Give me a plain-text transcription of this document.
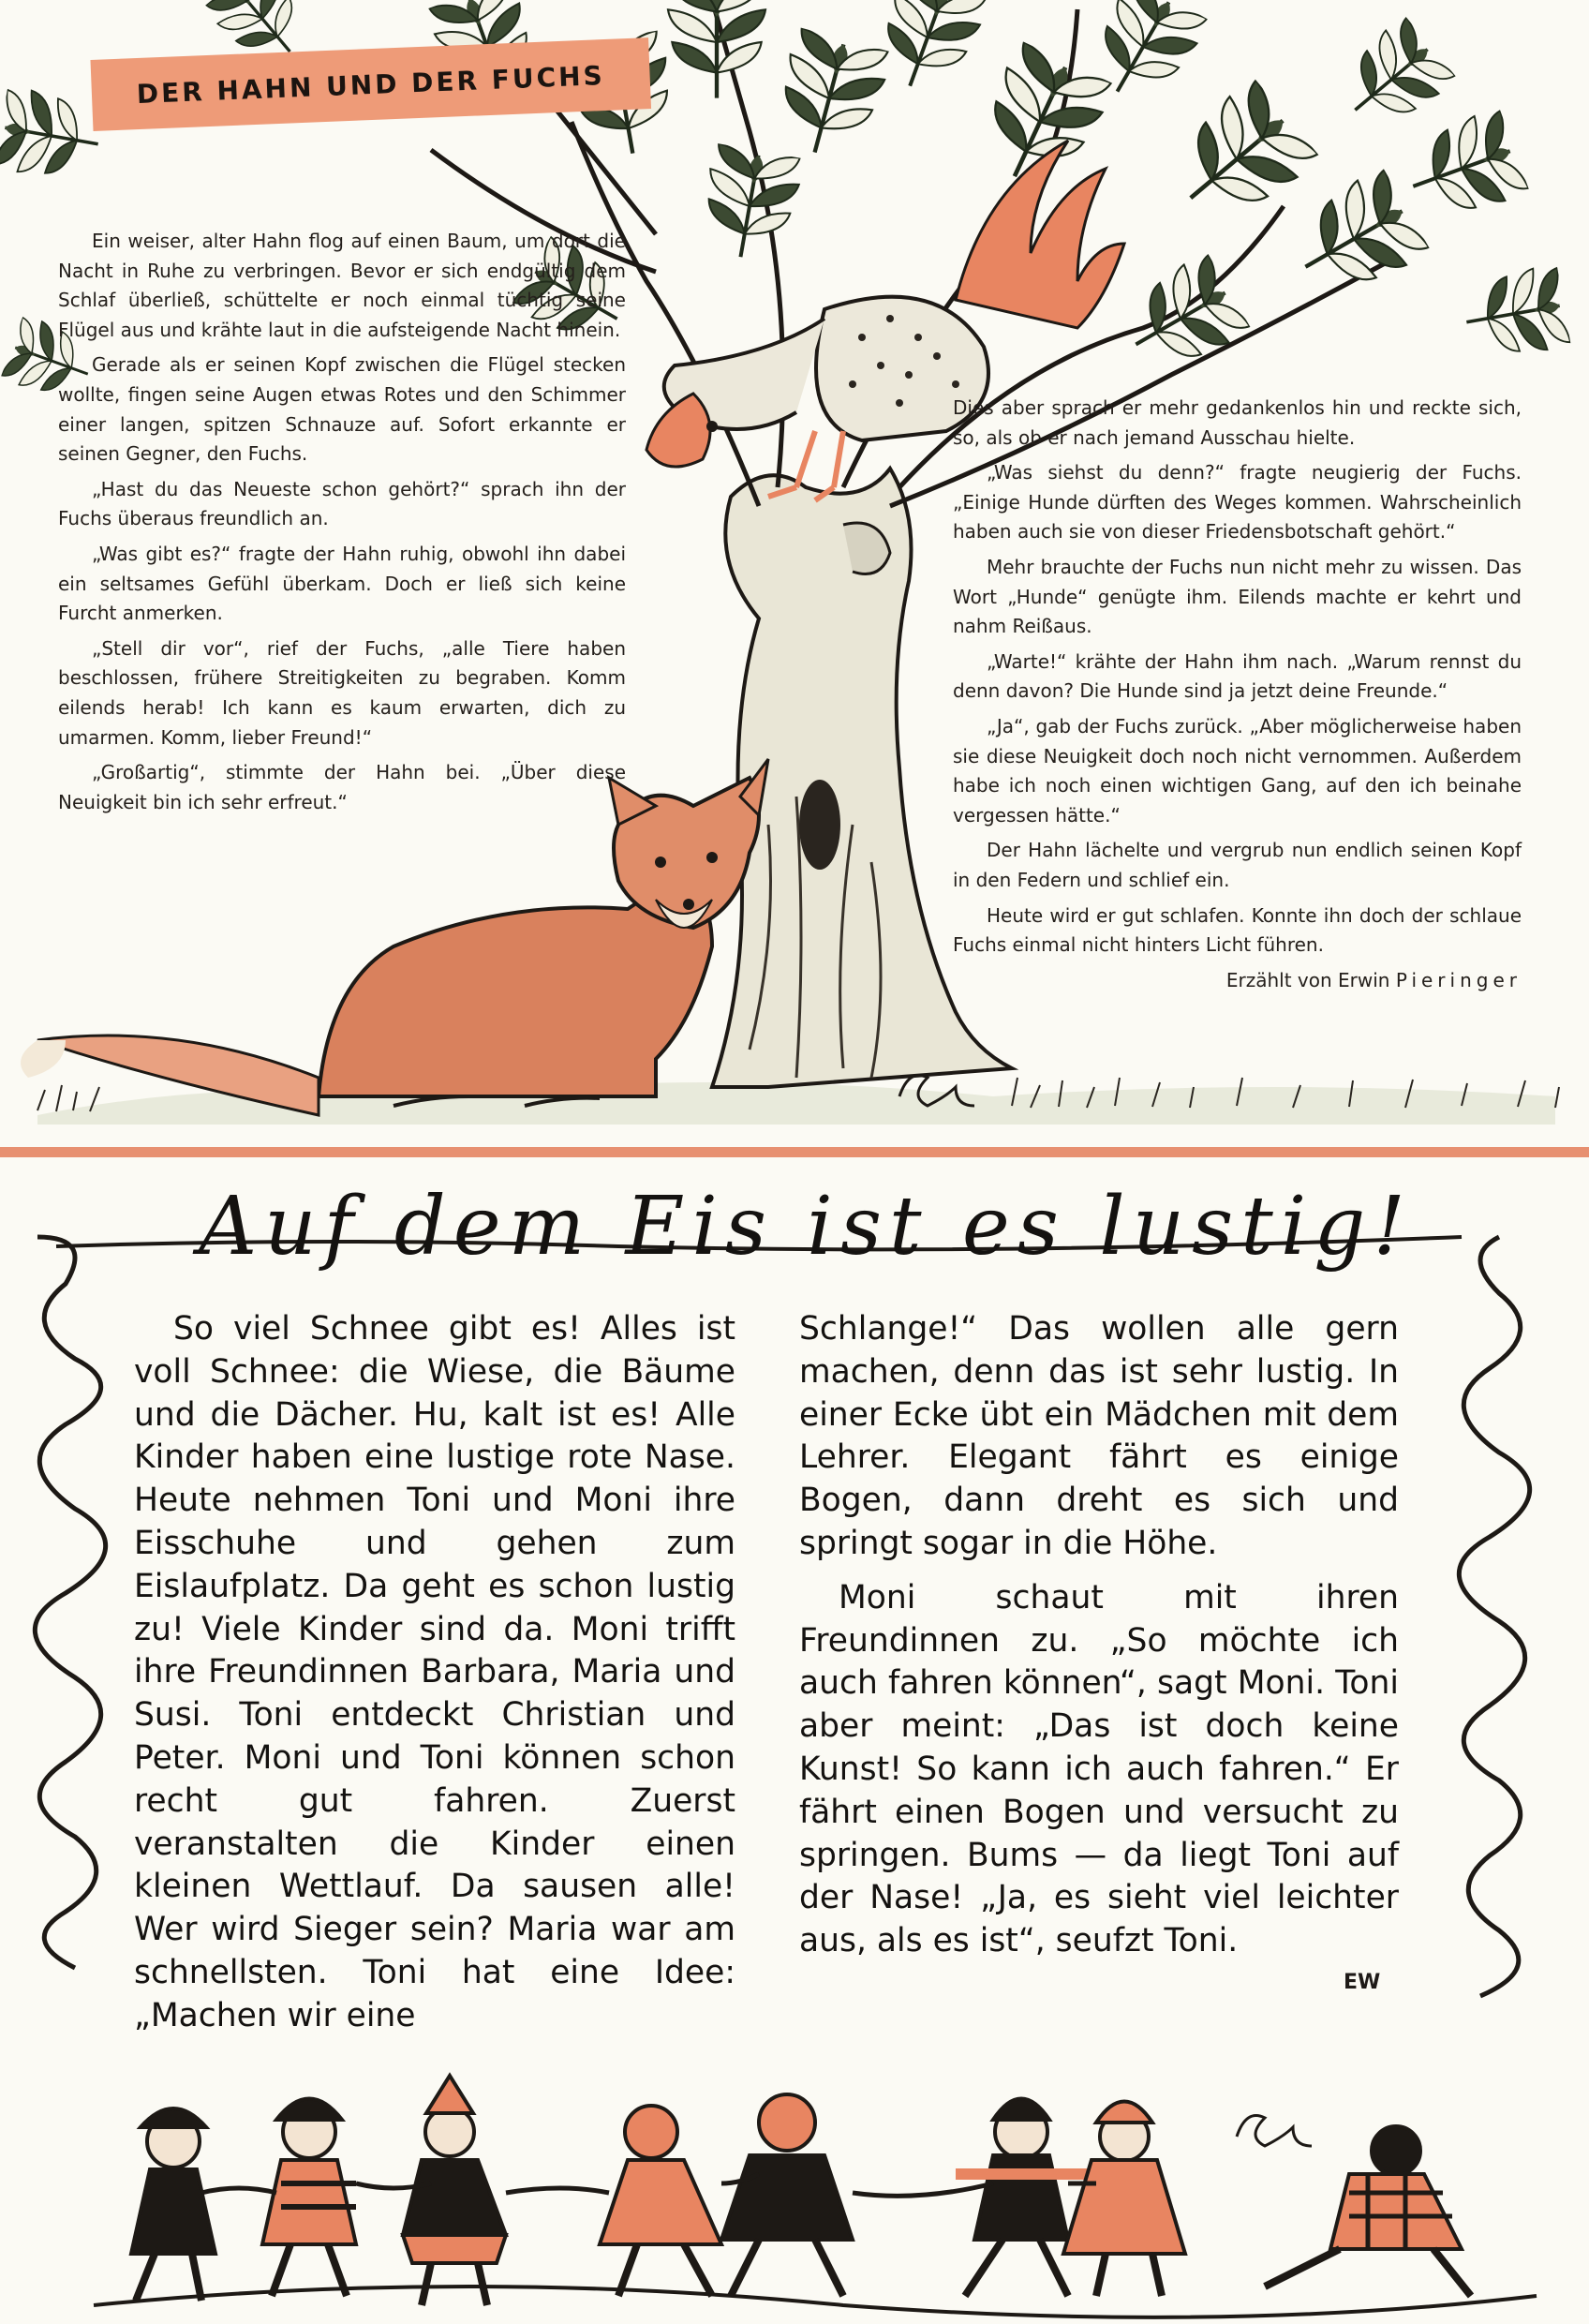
DER HAHN UND DER FUCHS

Ein weiser, alter Hahn flog auf einen Baum, um dort die Nacht in Ruhe zu verbringen. Bevor er sich endgültig dem Schlaf überließ, schüttelte er noch einmal tüchtig seine Flügel aus und krähte laut in die aufsteigende Nacht hinein.

Gerade als er seinen Kopf zwischen die Flügel stecken wollte, fingen seine Augen etwas Rotes und den Schimmer einer langen, spitzen Schnauze auf. Sofort erkannte er seinen Gegner, den Fuchs.

„Hast du das Neueste schon gehört?“ sprach ihn der Fuchs überaus freundlich an.

„Was gibt es?“ fragte der Hahn ruhig, obwohl ihn dabei ein seltsames Gefühl überkam. Doch er ließ sich keine Furcht anmerken.

„Stell dir vor“, rief der Fuchs, „alle Tiere haben beschlossen, frühere Streitigkeiten zu begraben. Komm eilends herab! Ich kann es kaum erwarten, dich zu umarmen. Komm, lieber Freund!“

„Großartig“, stimmte der Hahn bei. „Über diese Neuigkeit bin ich sehr erfreut.“

Dies aber sprach er mehr gedankenlos hin und reckte sich, so, als ob er nach jemand Ausschau hielte.

„Was siehst du denn?“ fragte neugierig der Fuchs. „Einige Hunde dürften des Weges kommen. Wahrscheinlich haben auch sie von dieser Friedensbotschaft gehört.“

Mehr brauchte der Fuchs nun nicht mehr zu wissen. Das Wort „Hunde“ genügte ihm. Eilends machte er kehrt und nahm Reißaus.

„Warte!“ krähte der Hahn ihm nach. „Warum rennst du denn davon? Die Hunde sind ja jetzt deine Freunde.“

„Ja“, gab der Fuchs zurück. „Aber möglicherweise haben sie diese Neuigkeit doch noch nicht vernommen. Außerdem habe ich noch einen wichtigen Gang, auf den ich beinahe vergessen hätte.“

Der Hahn lächelte und vergrub nun endlich seinen Kopf in den Federn und schlief ein.

Heute wird er gut schlafen. Konnte ihn doch der schlaue Fuchs einmal nicht hinters Licht führen.

Erzählt von Erwin Pieringer

Auf dem Eis ist es lustig!

So viel Schnee gibt es! Alles ist voll Schnee: die Wiese, die Bäume und die Dächer. Hu, kalt ist es! Alle Kinder haben eine lustige rote Nase. Heute nehmen Toni und Moni ihre Eisschuhe und gehen zum Eislaufplatz. Da geht es schon lustig zu! Viele Kinder sind da. Moni trifft ihre Freundinnen Barbara, Maria und Susi. Toni entdeckt Christian und Peter. Moni und Toni können schon recht gut fahren. Zuerst veranstalten die Kinder einen kleinen Wettlauf. Da sausen alle! Wer wird Sieger sein? Maria war am schnellsten. Toni hat eine Idee: „Machen wir eine

Schlange!“ Das wollen alle gern machen, denn das ist sehr lustig. In einer Ecke übt ein Mädchen mit dem Lehrer. Elegant fährt es einige Bogen, dann dreht es sich und springt sogar in die Höhe.

Moni schaut mit ihren Freundinnen zu. „So möchte ich auch fahren können“, sagt Moni. Toni aber meint: „Das ist doch keine Kunst! So kann ich auch fahren.“ Er fährt einen Bogen und versucht zu springen. Bums — da liegt Toni auf der Nase! „Ja, es sieht viel leichter aus, als es ist“, seufzt Toni.

EW
